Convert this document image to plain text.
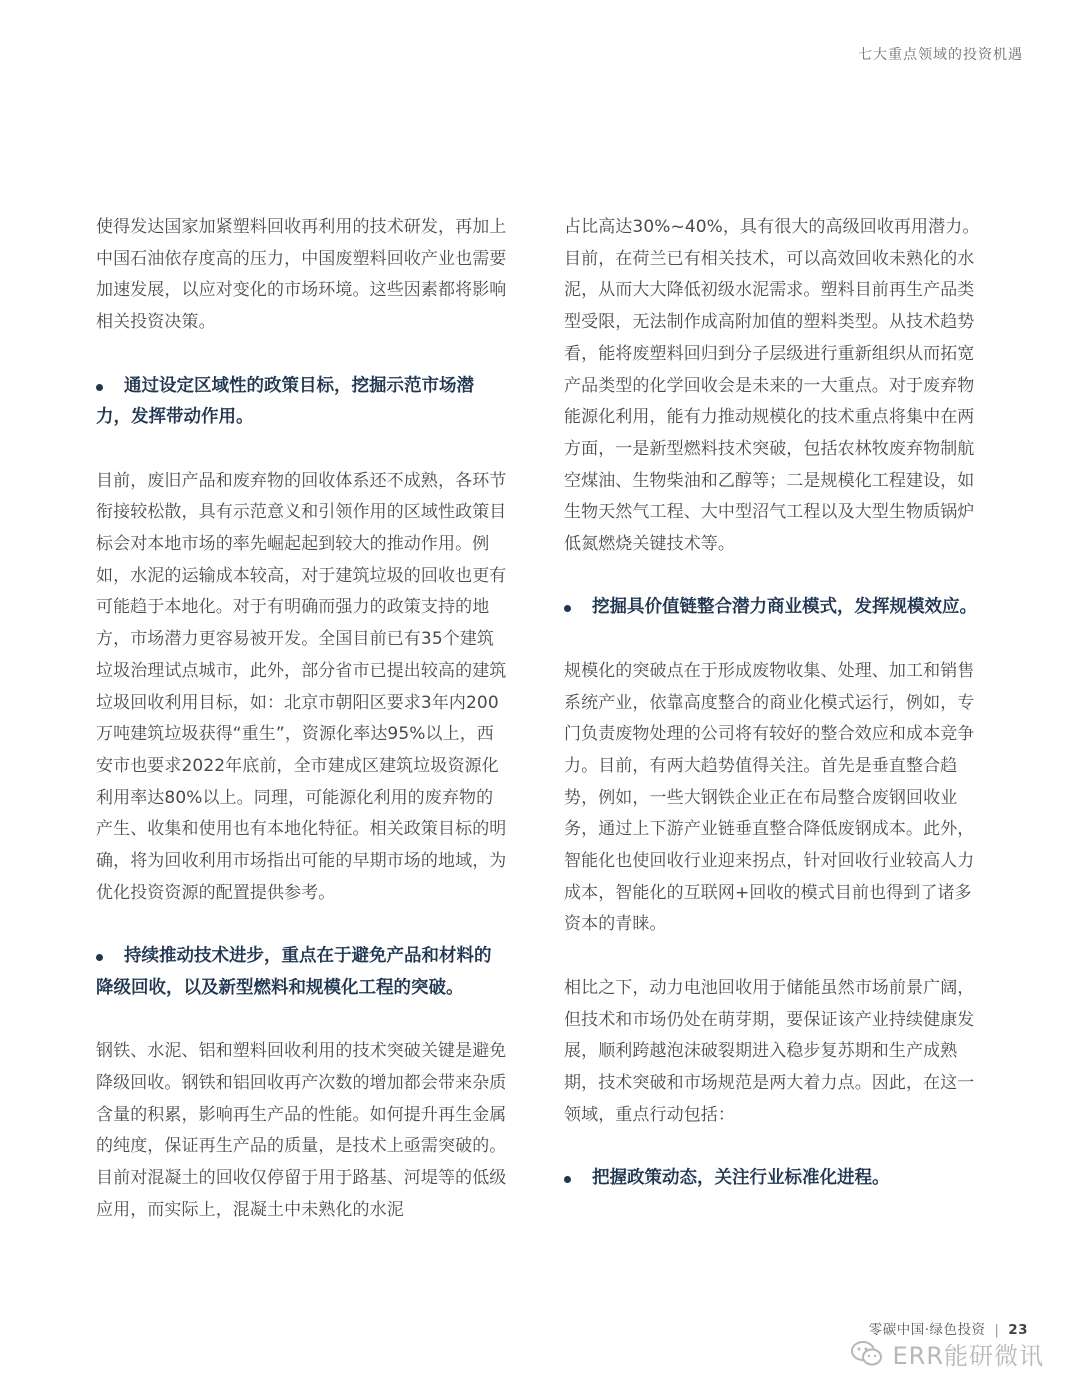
七大重点领域的投资机遇

使得发达国家加紧塑料回收再利用的技术研发，再加上中国石油依存度高的压力，中国废塑料回收产业也需要加速发展，以应对变化的市场环境。这些因素都将影响相关投资决策。

通过设定区域性的政策目标，挖掘示范市场潜力，发挥带动作用。

目前，废旧产品和废弃物的回收体系还不成熟，各环节衔接较松散，具有示范意义和引领作用的区域性政策目标会对本地市场的率先崛起起到较大的推动作用。例如，水泥的运输成本较高，对于建筑垃圾的回收也更有可能趋于本地化。对于有明确而强力的政策支持的地方，市场潜力更容易被开发。全国目前已有35个建筑垃圾治理试点城市，此外，部分省市已提出较高的建筑垃圾回收利用目标，如：北京市朝阳区要求3年内200万吨建筑垃圾获得“重生”，资源化率达95%以上，西安市也要求2022年底前，全市建成区建筑垃圾资源化利用率达80%以上。同理，可能源化利用的废弃物的产生、收集和使用也有本地化特征。相关政策目标的明确，将为回收利用市场指出可能的早期市场的地域，为优化投资资源的配置提供参考。

持续推动技术进步，重点在于避免产品和材料的降级回收，以及新型燃料和规模化工程的突破。

钢铁、水泥、铝和塑料回收利用的技术突破关键是避免降级回收。钢铁和铝回收再产次数的增加都会带来杂质含量的积累，影响再生产品的性能。如何提升再生金属的纯度，保证再生产品的质量，是技术上亟需突破的。目前对混凝土的回收仅停留于用于路基、河堤等的低级应用，而实际上，混凝土中未熟化的水泥

占比高达30%~40%，具有很大的高级回收再用潜力。目前，在荷兰已有相关技术，可以高效回收未熟化的水泥，从而大大降低初级水泥需求。塑料目前再生产品类型受限，无法制作成高附加值的塑料类型。从技术趋势看，能将废塑料回归到分子层级进行重新组织从而拓宽产品类型的化学回收会是未来的一大重点。对于废弃物能源化利用，能有力推动规模化的技术重点将集中在两方面，一是新型燃料技术突破，包括农林牧废弃物制航空煤油、生物柴油和乙醇等；二是规模化工程建设，如生物天然气工程、大中型沼气工程以及大型生物质锅炉低氮燃烧关键技术等。

挖掘具价值链整合潜力商业模式，发挥规模效应。

规模化的突破点在于形成废物收集、处理、加工和销售系统产业，依靠高度整合的商业化模式运行，例如，专门负责废物处理的公司将有较好的整合效应和成本竞争力。目前，有两大趋势值得关注。首先是垂直整合趋势，例如，一些大钢铁企业正在布局整合废钢回收业务，通过上下游产业链垂直整合降低废钢成本。此外，智能化也使回收行业迎来拐点，针对回收行业较高人力成本，智能化的互联网+回收的模式目前也得到了诸多资本的青睐。

相比之下，动力电池回收用于储能虽然市场前景广阔，但技术和市场仍处在萌芽期，要保证该产业持续健康发展，顺利跨越泡沫破裂期进入稳步复苏期和生产成熟期，技术突破和市场规范是两大着力点。因此，在这一领域，重点行动包括：

把握政策动态，关注行业标准化进程。
零碳中国·绿色投资 | 23
ERR能研微讯
